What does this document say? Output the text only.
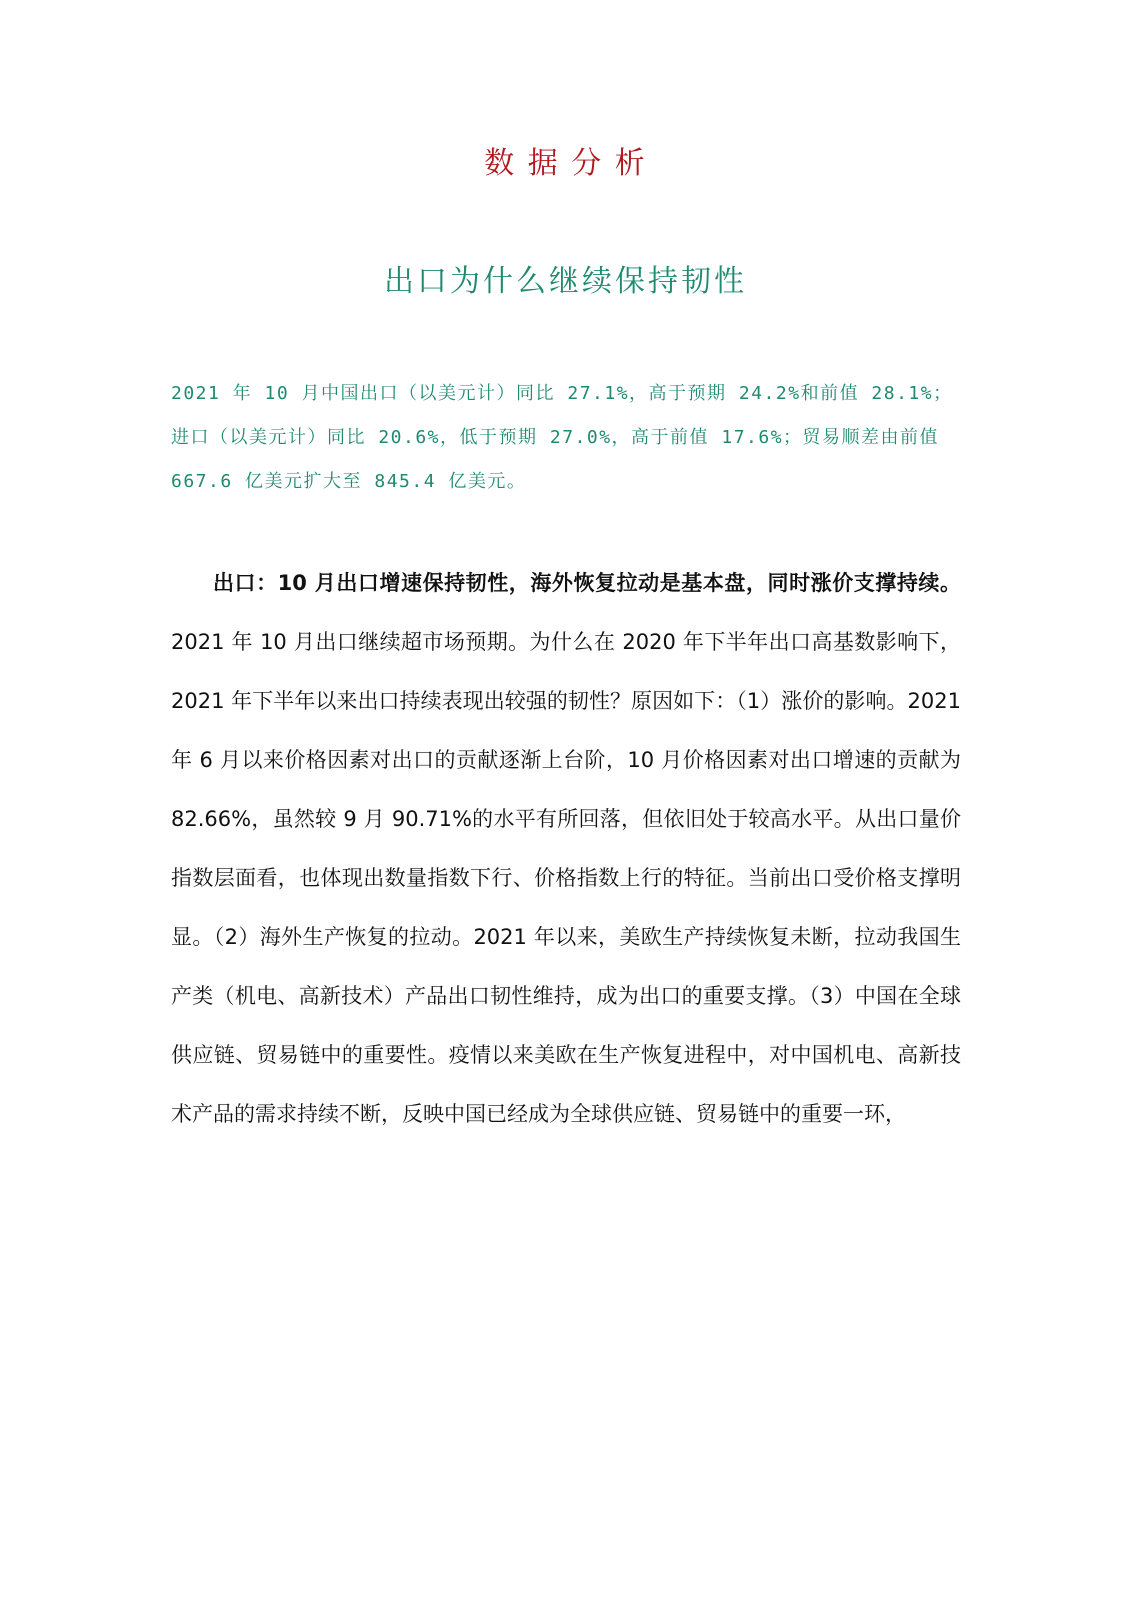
数 据 分 析
出口为什么继续保持韧性

2021 年 10 月中国出口（以美元计）同比 27.1%，高于预期 24.2%和前值 28.1%；进口（以美元计）同比 20.6%，低于预期 27.0%，高于前值 17.6%；贸易顺差由前值 667.6 亿美元扩大至 845.4 亿美元。

出口：10 月出口增速保持韧性，海外恢复拉动是基本盘，同时涨价支撑持续。2021 年 10 月出口继续超市场预期。为什么在 2020 年下半年出口高基数影响下，2021 年下半年以来出口持续表现出较强的韧性？原因如下：（1）涨价的影响。2021 年 6 月以来价格因素对出口的贡献逐渐上台阶，10 月价格因素对出口增速的贡献为 82.66%，虽然较 9 月 90.71%的水平有所回落，但依旧处于较高水平。从出口量价指数层面看，也体现出数量指数下行、价格指数上行的特征。当前出口受价格支撑明显。（2）海外生产恢复的拉动。2021 年以来，美欧生产持续恢复未断，拉动我国生产类（机电、高新技术）产品出口韧性维持，成为出口的重要支撑。（3）中国在全球供应链、贸易链中的重要性。疫情以来美欧在生产恢复进程中，对中国机电、高新技术产品的需求持续不断，反映中国已经成为全球供应链、贸易链中的重要一环，
